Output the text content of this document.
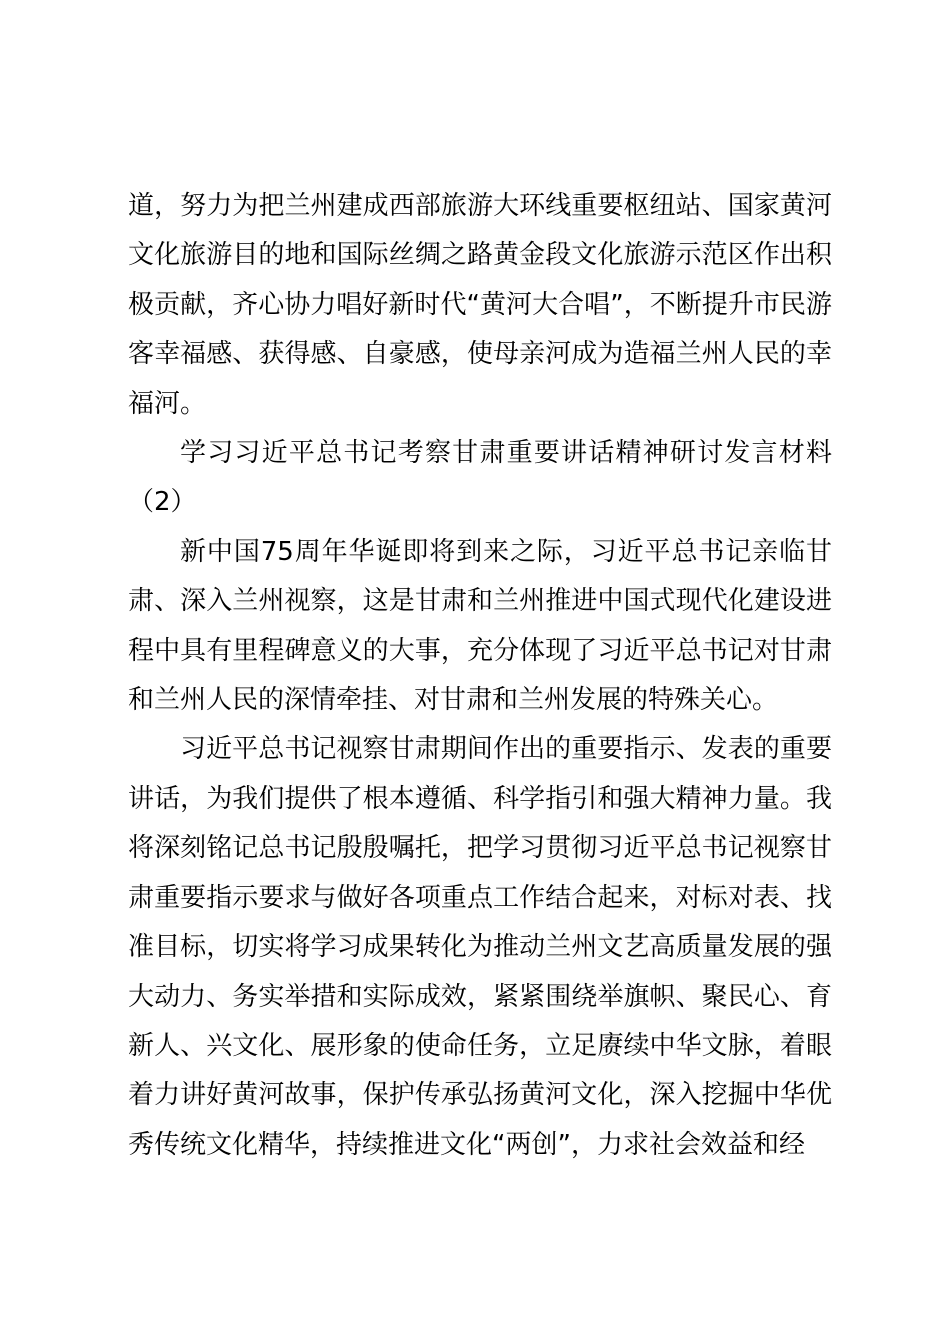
道，努力为把兰州建成西部旅游大环线重要枢纽站、国家黄河文化旅游目的地和国际丝绸之路黄金段文化旅游示范区作出积极贡献，齐心协力唱好新时代“黄河大合唱”，不断提升市民游客幸福感、获得感、自豪感，使母亲河成为造福兰州人民的幸福河。

学习习近平总书记考察甘肃重要讲话精神研讨发言材料（2）

新中国75周年华诞即将到来之际，习近平总书记亲临甘肃、深入兰州视察，这是甘肃和兰州推进中国式现代化建设进程中具有里程碑意义的大事，充分体现了习近平总书记对甘肃和兰州人民的深情牵挂、对甘肃和兰州发展的特殊关心。

习近平总书记视察甘肃期间作出的重要指示、发表的重要讲话，为我们提供了根本遵循、科学指引和强大精神力量。我将深刻铭记总书记殷殷嘱托，把学习贯彻习近平总书记视察甘肃重要指示要求与做好各项重点工作结合起来，对标对表、找准目标，切实将学习成果转化为推动兰州文艺高质量发展的强大动力、务实举措和实际成效，紧紧围绕举旗帜、聚民心、育新人、兴文化、展形象的使命任务，立足赓续中华文脉，着眼着力讲好黄河故事，保护传承弘扬黄河文化，深入挖掘中华优秀传统文化精华，持续推进文化“两创”，力求社会效益和经
